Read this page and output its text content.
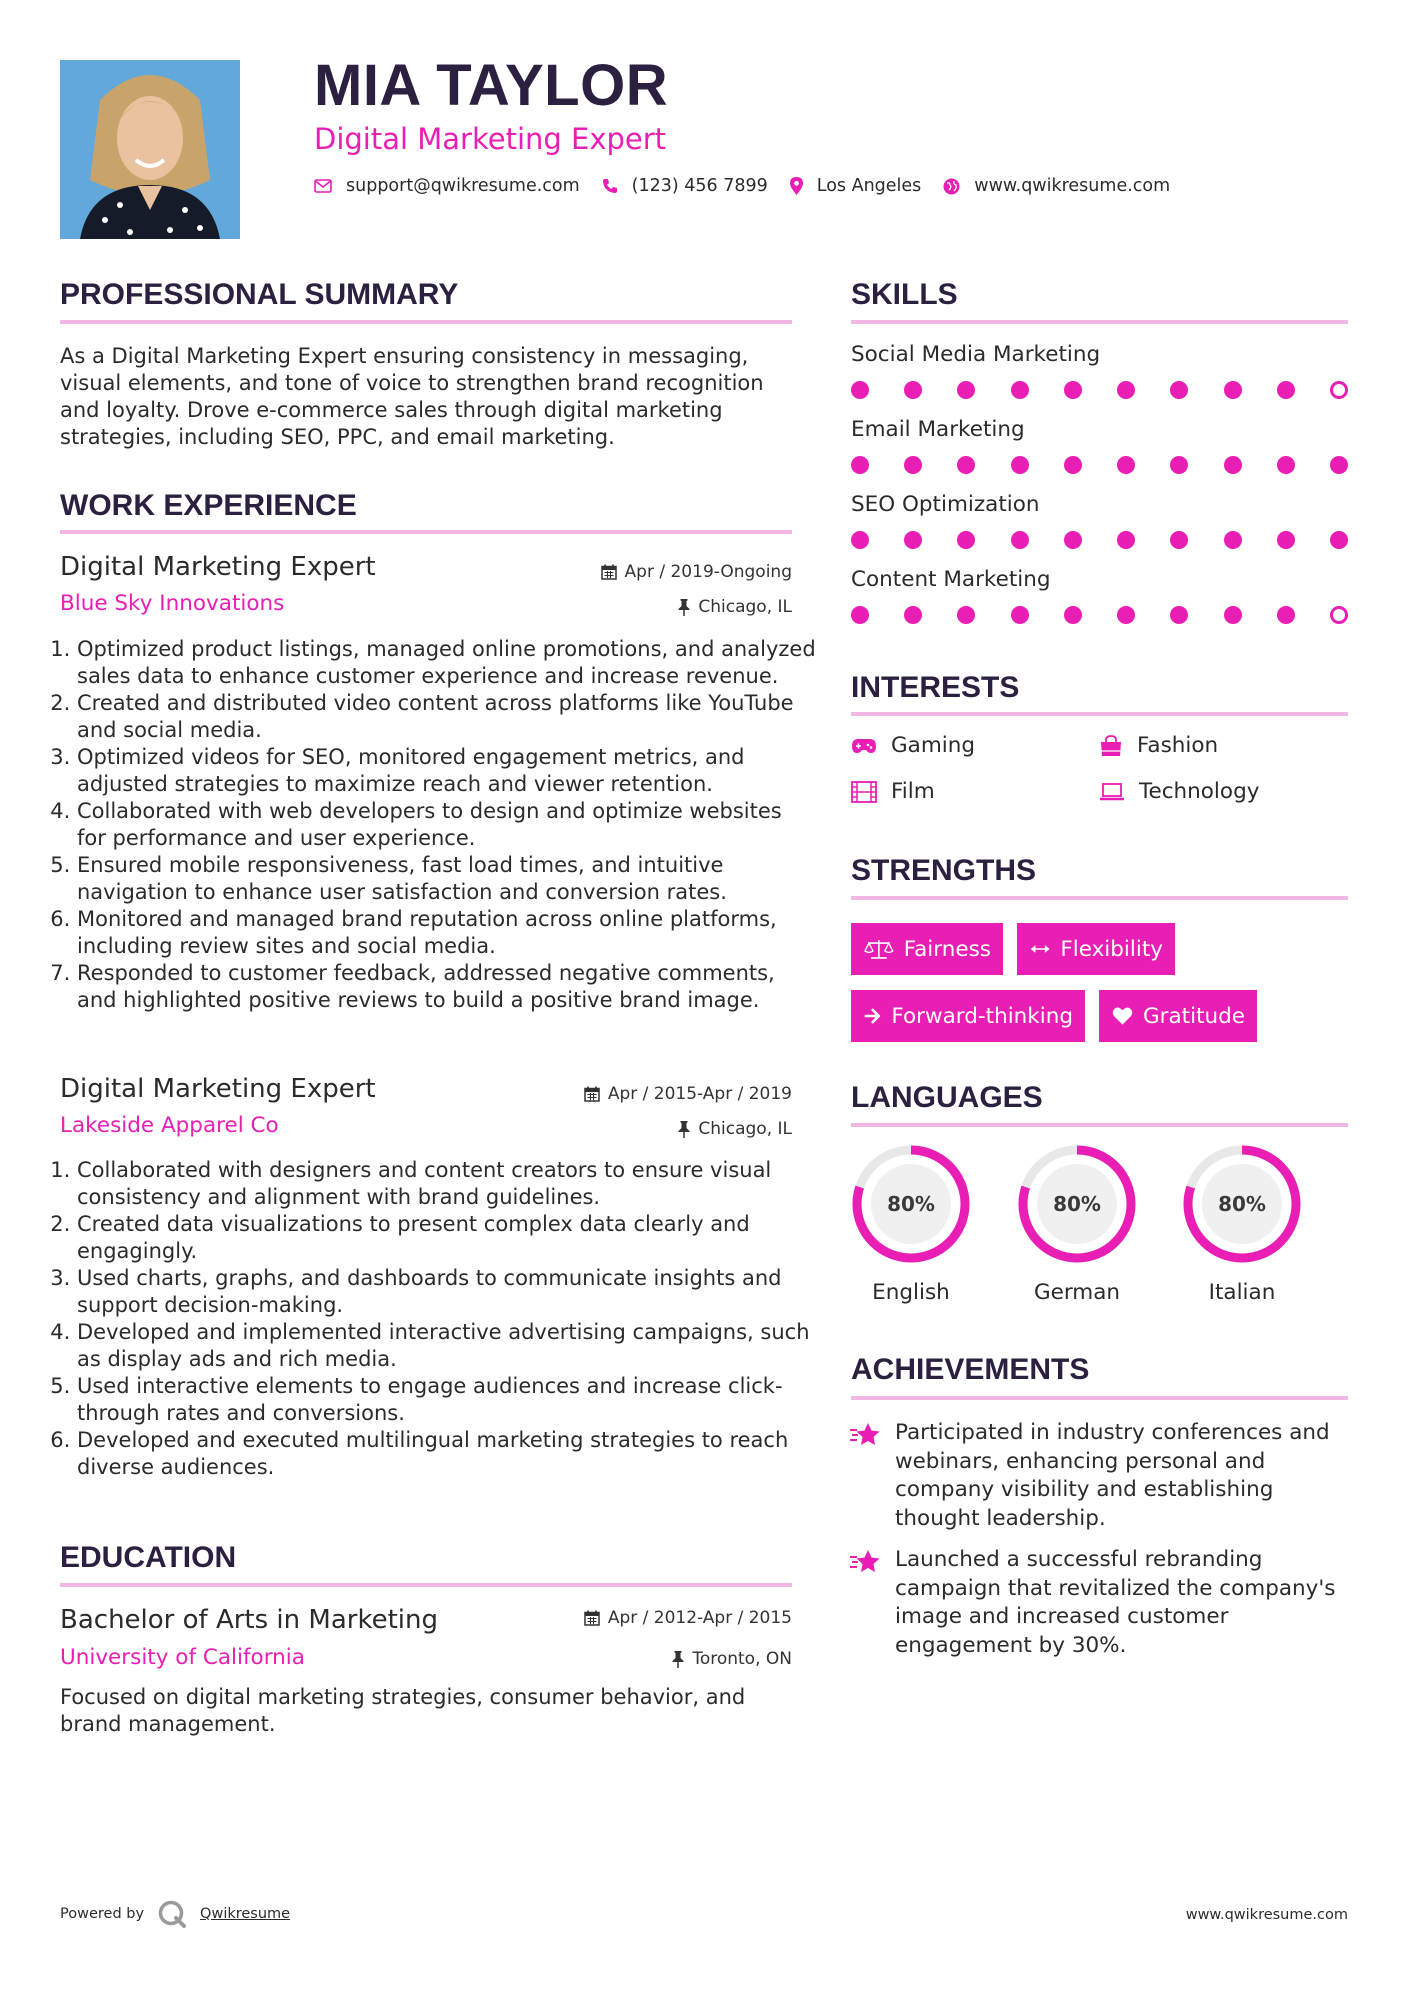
MIA TAYLOR
Digital Marketing Expert
support@qwikresume.com	(123) 456 7899	Los Angeles	www.qwikresume.com
PROFESSIONAL SUMMARY
As a Digital Marketing Expert ensuring consistency in messaging, visual elements, and tone of voice to strengthen brand recognition and loyalty. Drove e-commerce sales through digital marketing strategies, including SEO, PPC, and email marketing.
WORK EXPERIENCE
Digital Marketing Expert
Blue Sky Innovations
Apr / 2019-Ongoing
Chicago, IL
1. Optimized product listings, managed online promotions, and analyzed sales data to enhance customer experience and increase revenue.
2. Created and distributed video content across platforms like YouTube and social media.
3. Optimized videos for SEO, monitored engagement metrics, and adjusted strategies to maximize reach and viewer retention.
4. Collaborated with web developers to design and optimize websites for performance and user experience.
5. Ensured mobile responsiveness, fast load times, and intuitive navigation to enhance user satisfaction and conversion rates.
6. Monitored and managed brand reputation across online platforms, including review sites and social media.
7. Responded to customer feedback, addressed negative comments, and highlighted positive reviews to build a positive brand image.
Digital Marketing Expert
Lakeside Apparel Co
Apr / 2015-Apr / 2019
Chicago, IL
1. Collaborated with designers and content creators to ensure visual consistency and alignment with brand guidelines.
2. Created data visualizations to present complex data clearly and engagingly.
3. Used charts, graphs, and dashboards to communicate insights and support decision-making.
4. Developed and implemented interactive advertising campaigns, such as display ads and rich media.
5. Used interactive elements to engage audiences and increase click-through rates and conversions.
6. Developed and executed multilingual marketing strategies to reach diverse audiences.
EDUCATION
Bachelor of Arts in Marketing
University of California
Apr / 2012-Apr / 2015
Toronto, ON
Focused on digital marketing strategies, consumer behavior, and brand management.
SKILLS
Social Media Marketing
Email Marketing
SEO Optimization
Content Marketing
INTERESTS
Gaming	Fashion
Film	Technology
STRENGTHS
Fairness	Flexibility
Forward-thinking	Gratitude
LANGUAGES
80%
English
80%
German
80%
Italian
ACHIEVEMENTS
Participated in industry conferences and webinars, enhancing personal and company visibility and establishing thought leadership.
Launched a successful rebranding campaign that revitalized the company's image and increased customer engagement by 30%.
Powered by	Qwikresume	www.qwikresume.com
